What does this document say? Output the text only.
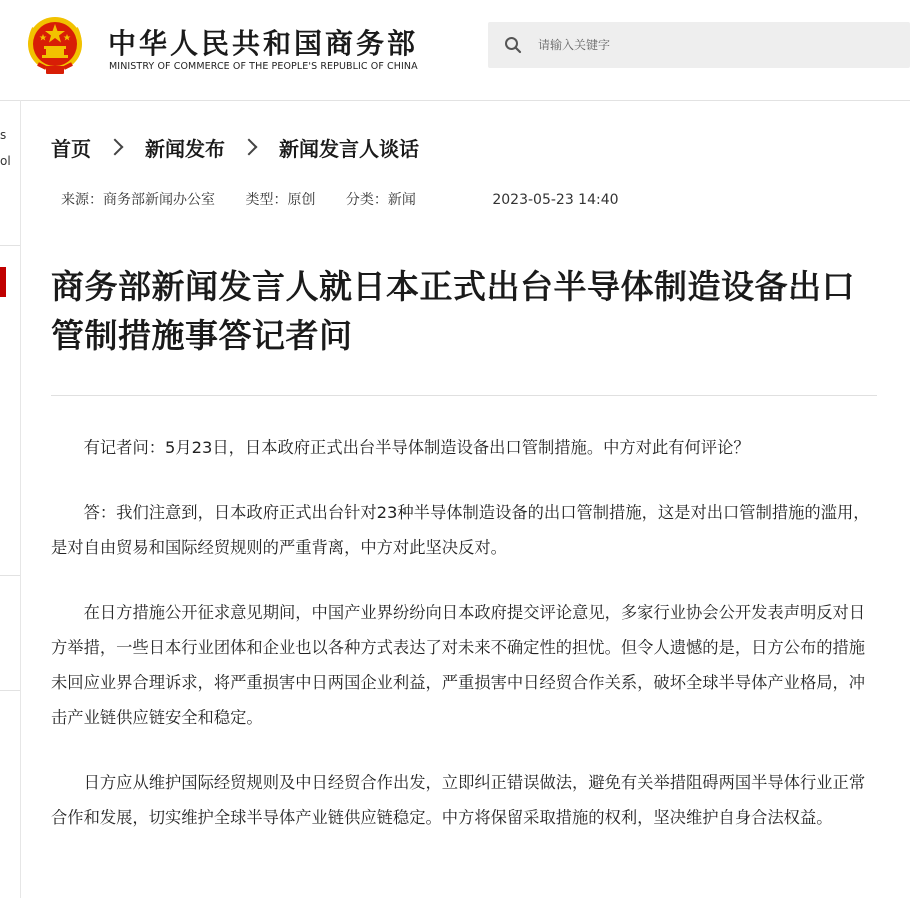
中华人民共和国商务部
MINISTRY OF COMMERCE OF THE PEOPLE'S REPUBLIC OF CHINA
请输入关键字
s
ol
首页	新闻发布	新闻发言人谈话
来源：商务部新闻办公室 类型：原创 分类：新闻	2023-05-23 14:40
商务部新闻发言人就日本正式出台半导体制造设备出口管制措施事答记者问

有记者问：5月23日，日本政府正式出台半导体制造设备出口管制措施。中方对此有何评论？

答：我们注意到，日本政府正式出台针对23种半导体制造设备的出口管制措施，这是对出口管制措施的滥用，是对自由贸易和国际经贸规则的严重背离，中方对此坚决反对。

在日方措施公开征求意见期间，中国产业界纷纷向日本政府提交评论意见，多家行业协会公开发表声明反对日方举措，一些日本行业团体和企业也以各种方式表达了对未来不确定性的担忧。但令人遗憾的是，日方公布的措施未回应业界合理诉求，将严重损害中日两国企业利益，严重损害中日经贸合作关系，破坏全球半导体产业格局，冲击产业链供应链安全和稳定。

日方应从维护国际经贸规则及中日经贸合作出发，立即纠正错误做法，避免有关举措阻碍两国半导体行业正常合作和发展，切实维护全球半导体产业链供应链稳定。中方将保留采取措施的权利，坚决维护自身合法权益。
